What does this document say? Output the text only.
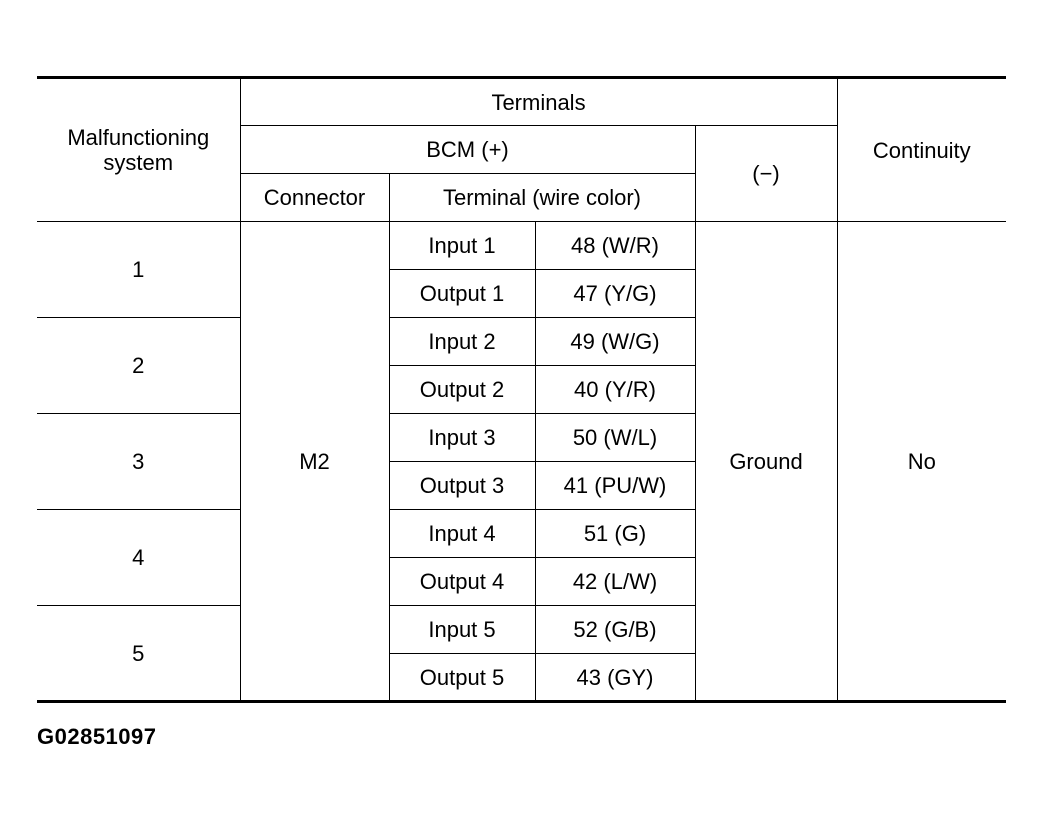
Malfunctioning system	Terminals				Continuity
	BCM (+)			(−)	
	Connector	Terminal (wire color)			
1	M2	Input 1	48 (W/R)	Ground	No
		Output 1	47 (Y/G)		
2		Input 2	49 (W/G)		
		Output 2	40 (Y/R)		
3		Input 3	50 (W/L)		
		Output 3	41 (PU/W)		
4		Input 4	51 (G)		
		Output 4	42 (L/W)		
5		Input 5	52 (G/B)		
		Output 5	43 (GY)		
G02851097
